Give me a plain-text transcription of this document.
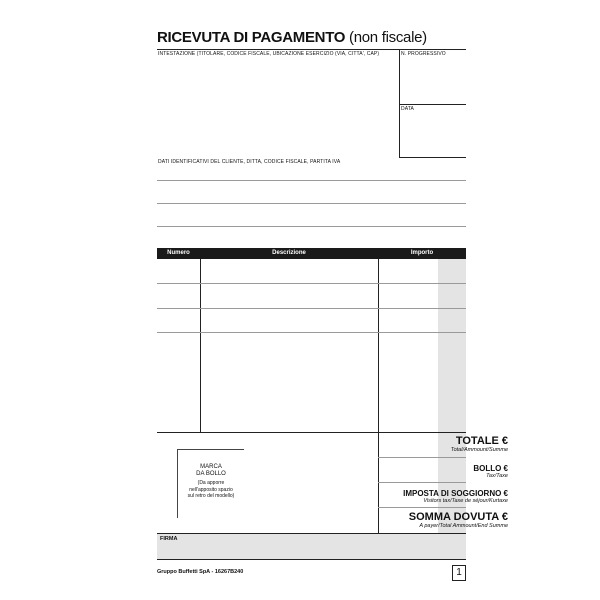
RICEVUTA DI PAGAMENTO (non fiscale)
INTESTAZIONE (TITOLARE, CODICE FISCALE, UBICAZIONE ESERCIZIO (VIA, CITTA', CAP)	N. PROGRESSIVO
DATA
DATI IDENTIFICATIVI DEL CLIENTE, DITTA, CODICE FISCALE, PARTITA IVA
Numero	Descrizione	Importo
TOTALE €
Total/Ammount/Summe
BOLLO €
Tax/Taxe
IMPOSTA DI SOGGIORNO €
Visitors tax/Taxe de séjour/Kurtaxe
SOMMA DOVUTA €
A payer/Total Ammount/End Summe
MARCA
DA BOLLO
(Da apporre
nell'apposito spazio
sul retro del modello)
FIRMA
Gruppo Buffetti SpA - 16267B240	1
